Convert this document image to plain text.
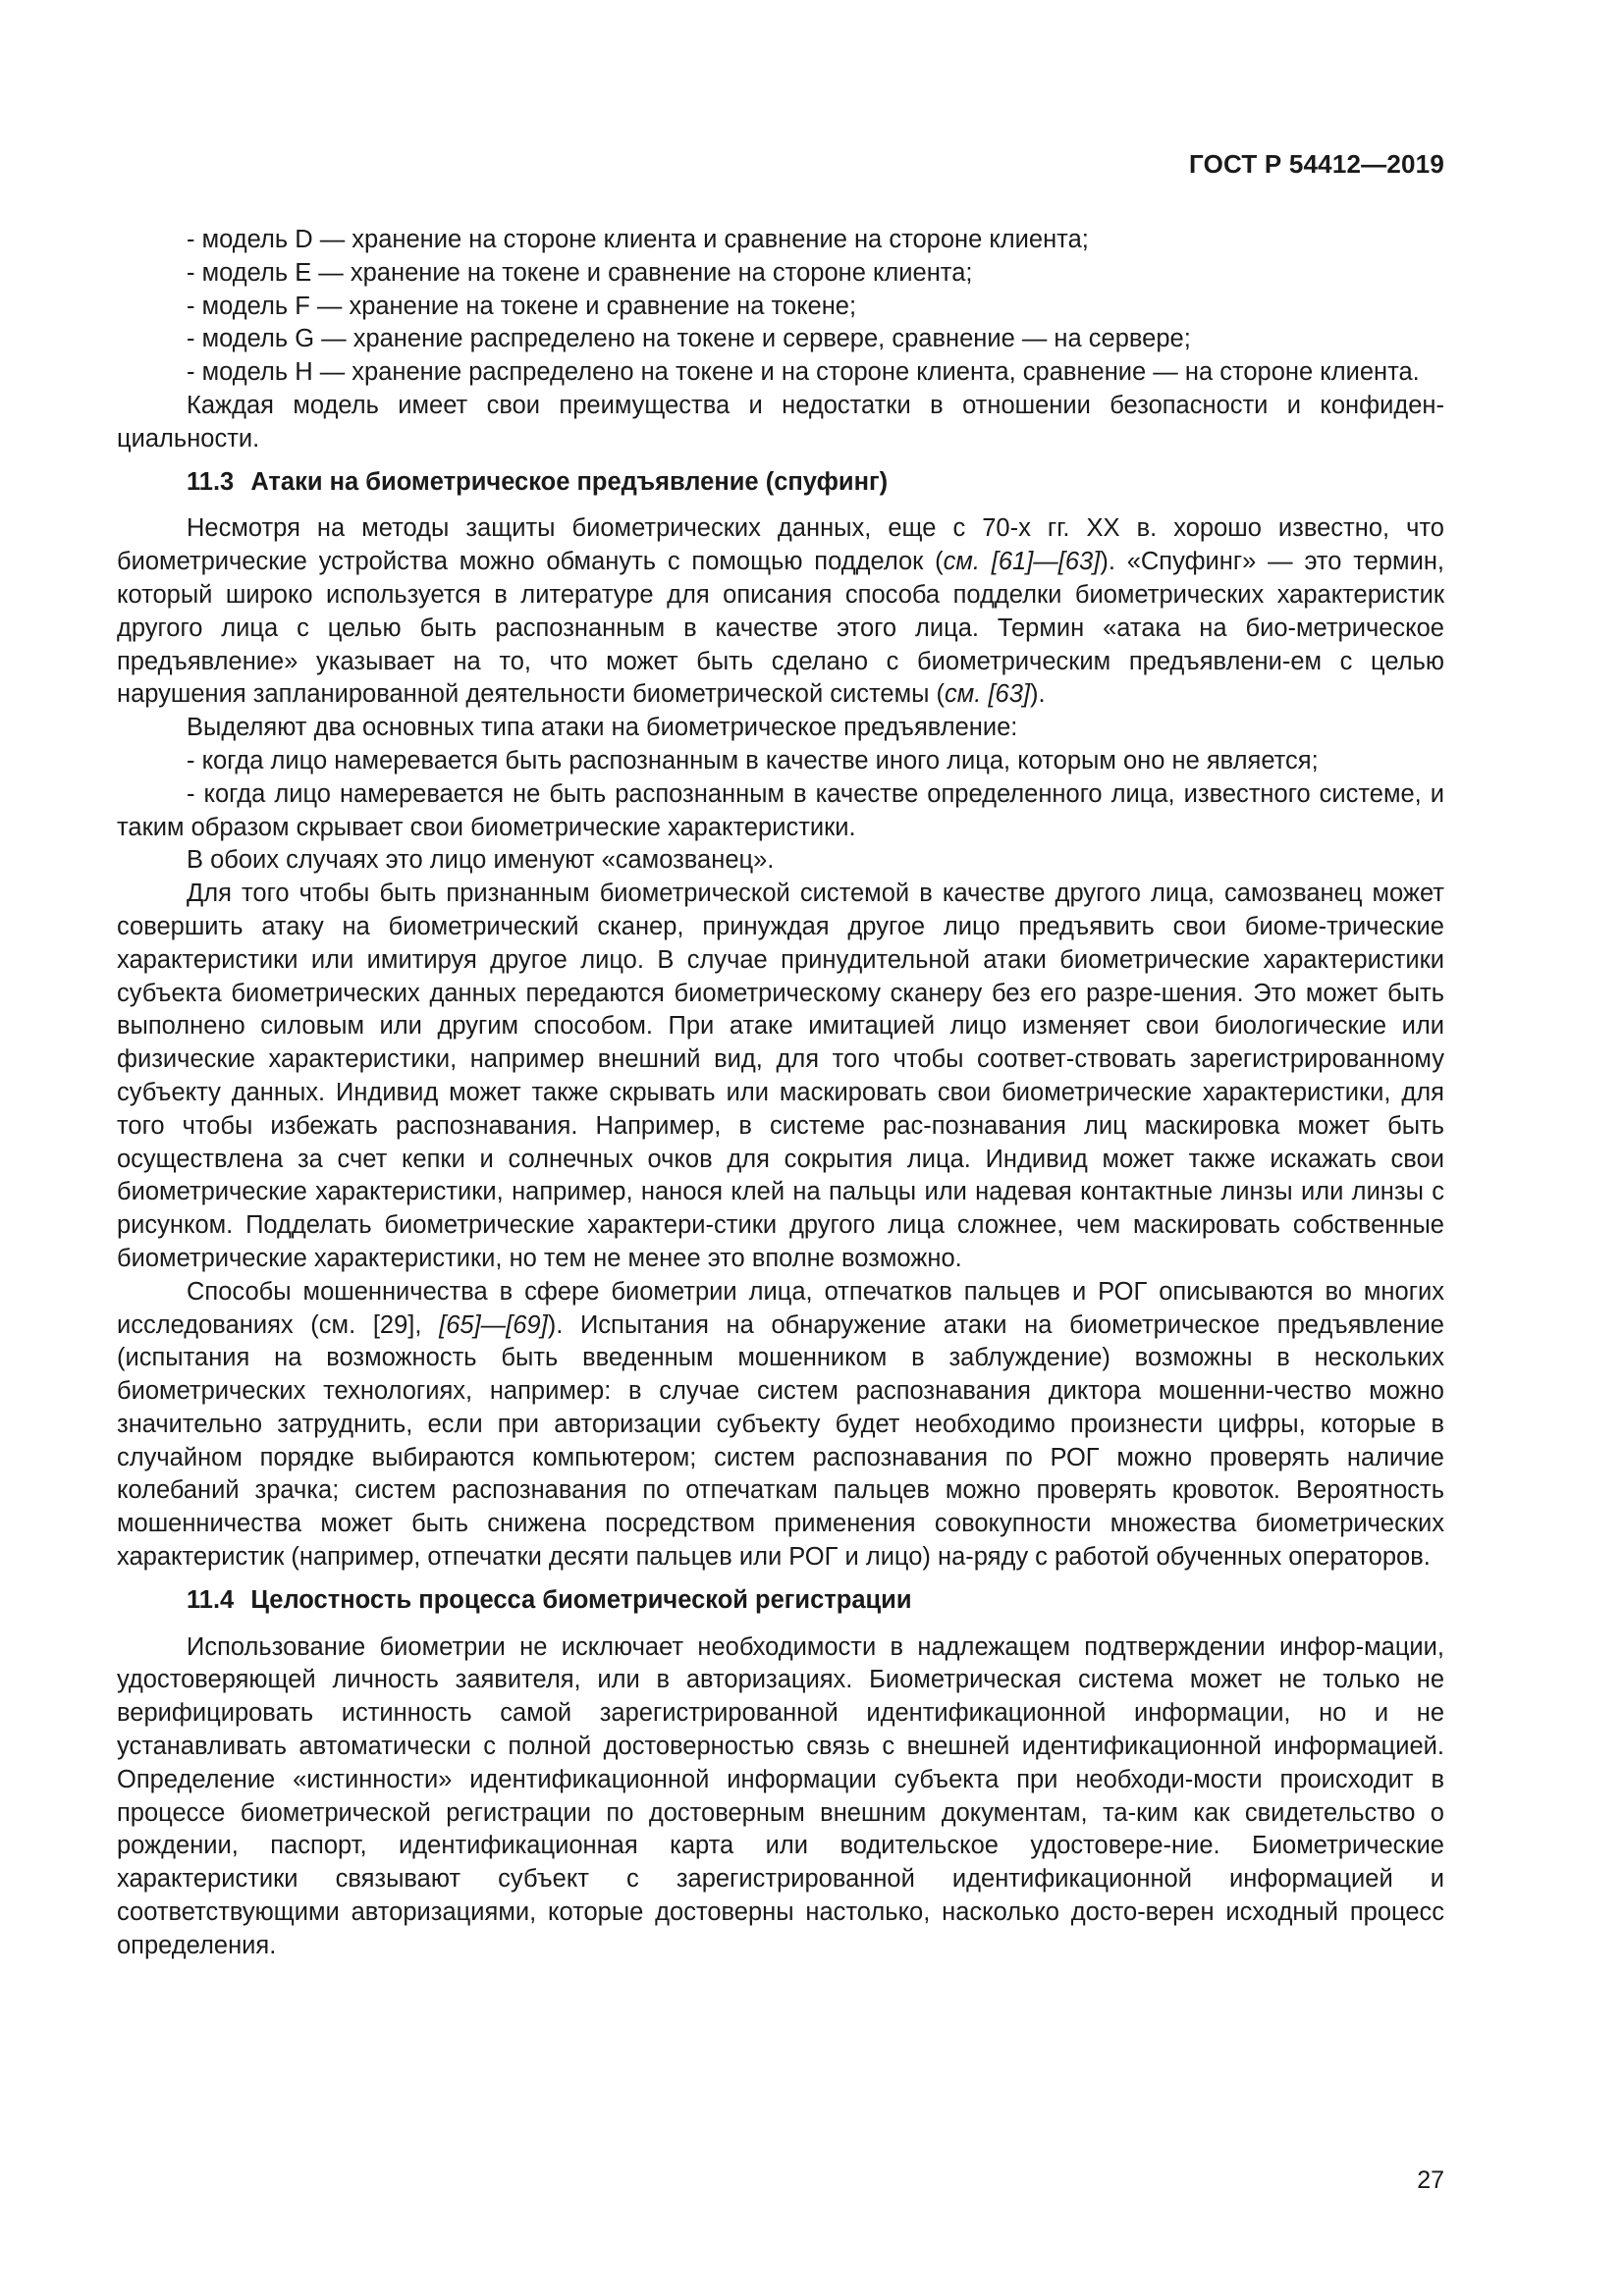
ГОСТ Р 54412—2019

- модель D — хранение на стороне клиента и сравнение на стороне клиента;

- модель E — хранение на токене и сравнение на стороне клиента;

- модель F — хранение на токене и сравнение на токене;

- модель G — хранение распределено на токене и сервере, сравнение — на сервере;

- модель H — хранение распределено на токене и на стороне клиента, сравнение — на стороне клиента.

Каждая модель имеет свои преимущества и недостатки в отношении безопасности и конфиден-циальности.

11.3 Атаки на биометрическое предъявление (спуфинг)

Несмотря на методы защиты биометрических данных, еще с 70-х гг. XX в. хорошо известно, что биометрические устройства можно обмануть с помощью подделок (см. [61]—[63]). «Спуфинг» — это термин, который широко используется в литературе для описания способа подделки биометрических характеристик другого лица с целью быть распознанным в качестве этого лица. Термин «атака на био-метрическое предъявление» указывает на то, что может быть сделано с биометрическим предъявлени-ем с целью нарушения запланированной деятельности биометрической системы (см. [63]).

Выделяют два основных типа атаки на биометрическое предъявление:

- когда лицо намеревается быть распознанным в качестве иного лица, которым оно не является;

- когда лицо намеревается не быть распознанным в качестве определенного лица, известного системе, и таким образом скрывает свои биометрические характеристики.

В обоих случаях это лицо именуют «самозванец».

Для того чтобы быть признанным биометрической системой в качестве другого лица, самозванец может совершить атаку на биометрический сканер, принуждая другое лицо предъявить свои биоме-трические характеристики или имитируя другое лицо. В случае принудительной атаки биометрические характеристики субъекта биометрических данных передаются биометрическому сканеру без его разре-шения. Это может быть выполнено силовым или другим способом. При атаке имитацией лицо изменяет свои биологические или физические характеристики, например внешний вид, для того чтобы соответ-ствовать зарегистрированному субъекту данных. Индивид может также скрывать или маскировать свои биометрические характеристики, для того чтобы избежать распознавания. Например, в системе рас-познавания лиц маскировка может быть осуществлена за счет кепки и солнечных очков для сокрытия лица. Индивид может также искажать свои биометрические характеристики, например, нанося клей на пальцы или надевая контактные линзы или линзы с рисунком. Подделать биометрические характери-стики другого лица сложнее, чем маскировать собственные биометрические характеристики, но тем не менее это вполне возможно.

Способы мошенничества в сфере биометрии лица, отпечатков пальцев и РОГ описываются во многих исследованиях (см. [29], [65]—[69]). Испытания на обнаружение атаки на биометрическое предъявление (испытания на возможность быть введенным мошенником в заблуждение) возможны в нескольких биометрических технологиях, например: в случае систем распознавания диктора мошенни-чество можно значительно затруднить, если при авторизации субъекту будет необходимо произнести цифры, которые в случайном порядке выбираются компьютером; систем распознавания по РОГ можно проверять наличие колебаний зрачка; систем распознавания по отпечаткам пальцев можно проверять кровоток. Вероятность мошенничества может быть снижена посредством применения совокупности множества биометрических характеристик (например, отпечатки десяти пальцев или РОГ и лицо) на-ряду с работой обученных операторов.

11.4 Целостность процесса биометрической регистрации

Использование биометрии не исключает необходимости в надлежащем подтверждении инфор-мации, удостоверяющей личность заявителя, или в авторизациях. Биометрическая система может не только не верифицировать истинность самой зарегистрированной идентификационной информации, но и не устанавливать автоматически с полной достоверностью связь с внешней идентификационной информацией. Определение «истинности» идентификационной информации субъекта при необходи-мости происходит в процессе биометрической регистрации по достоверным внешним документам, та-ким как свидетельство о рождении, паспорт, идентификационная карта или водительское удостовере-ние. Биометрические характеристики связывают субъект с зарегистрированной идентификационной информацией и соответствующими авторизациями, которые достоверны настолько, насколько досто-верен исходный процесс определения.

27
